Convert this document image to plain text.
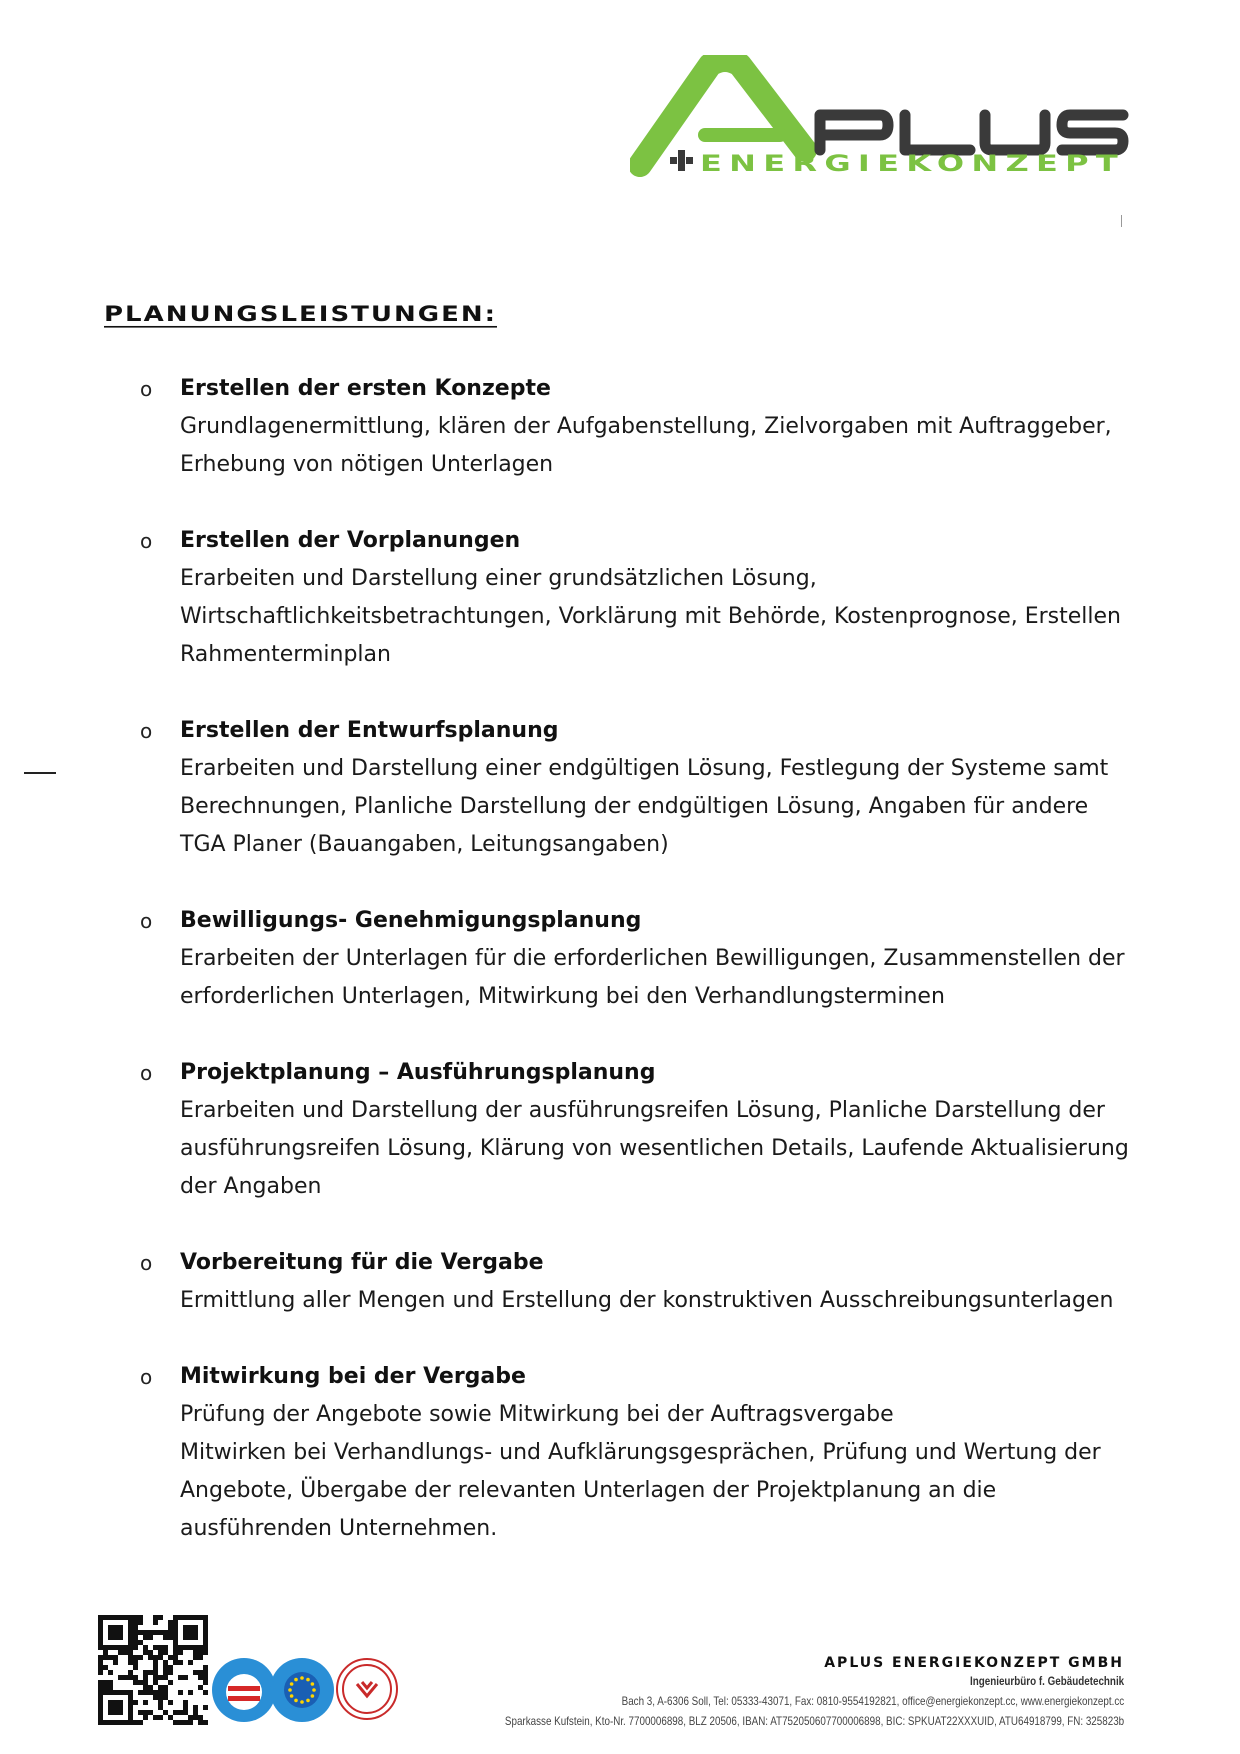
ENERGIEKONZEPT
PLANUNGSLEISTUNGEN:
o Erstellen der ersten Konzepte
Grundlagenermittlung, klären der Aufgabenstellung, Zielvorgaben mit Auftraggeber,
Erhebung von nötigen Unterlagen
o Erstellen der Vorplanungen
Erarbeiten und Darstellung einer grundsätzlichen Lösung,
Wirtschaftlichkeitsbetrachtungen, Vorklärung mit Behörde, Kostenprognose, Erstellen
Rahmenterminplan
o Erstellen der Entwurfsplanung
Erarbeiten und Darstellung einer endgültigen Lösung, Festlegung der Systeme samt
Berechnungen, Planliche Darstellung der endgültigen Lösung, Angaben für andere
TGA Planer (Bauangaben, Leitungsangaben)
o Bewilligungs- Genehmigungsplanung
Erarbeiten der Unterlagen für die erforderlichen Bewilligungen, Zusammenstellen der
erforderlichen Unterlagen, Mitwirkung bei den Verhandlungsterminen
o Projektplanung – Ausführungsplanung
Erarbeiten und Darstellung der ausführungsreifen Lösung, Planliche Darstellung der
ausführungsreifen Lösung, Klärung von wesentlichen Details, Laufende Aktualisierung
der Angaben
o Vorbereitung für die Vergabe
Ermittlung aller Mengen und Erstellung der konstruktiven Ausschreibungsunterlagen
o Mitwirkung bei der Vergabe
Prüfung der Angebote sowie Mitwirkung bei der Auftragsvergabe
Mitwirken bei Verhandlungs- und Aufklärungsgesprächen, Prüfung und Wertung der
Angebote, Übergabe der relevanten Unterlagen der Projektplanung an die
ausführenden Unternehmen.
APLUS ENERGIEKONZEPT GMBH
Ingenieurbüro f. Gebäudetechnik
Bach 3, A-6306 Soll, Tel: 05333-43071, Fax: 0810-9554192821, office@energiekonzept.cc, www.energiekonzept.cc
Sparkasse Kufstein, Kto-Nr. 7700006898, BLZ 20506, IBAN: AT752050607700006898, BIC: SPKUAT22XXXUID, ATU64918799, FN: 325823b
